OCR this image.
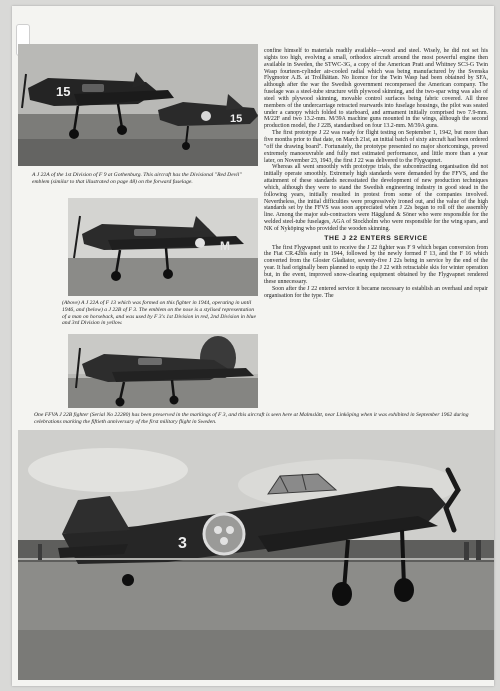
15
15

A J 22A of the 1st Division of F 9 at Gothenburg. This aircraft has the Divisional "Red Devil" emblem (similar to that illustrated on page 48) on the forward fuselage.

M

(Above) A J 22A of F 13 which was formed on this fighter in 1944, operating in until 1946, and (below) a J 22B of F 3. The emblem on the nose is a stylised representation of a man on horseback, and was used by F 3's 1st Division in red, 2nd Division in blue and 3rd Division in yellow.

One FFVA J 22B fighter (Serial No 22280) has been preserved in the markings of F 3, and this aircraft is seen here at Malmslätt, near Linköping when it was exhibited in September 1962 during celebrations marking the fiftieth anniversary of the first military flight in Sweden.

3

confine himself to materials readily available—wood and steel. Wisely, he did not set his sights too high, evolving a small, orthodox aircraft around the most powerful engine then available in Sweden, the STWC-3G, a copy of the American Pratt and Whitney SC3-G Twin Wasp fourteen-cylinder air-cooled radial which was being manufactured by the Svenska Flygmotor A.B. at Trollhättan. No licence for the Twin Wasp had been obtained by SFA, although after the war the Swedish government recompensed the American company. The fuselage was a steel-tube structure with plywood skinning, and the two-spar wing was also of steel with plywood skinning, movable control surfaces being fabric covered. All three members of the undercarriage retracted rearwards into fuselage housings, the pilot was seated under a canopy which folded to starboard, and armament initially comprised two 7.9-mm. M/22F and two 13.2-mm. M/39A machine guns mounted in the wings, although the second production model, the J 22B, standardised on four 13.2-mm. M/39A guns.

The first prototype J 22 was ready for flight testing on September 1, 1942, but more than five months prior to that date, on March 21st, an initial batch of sixty aircraft had been ordered "off the drawing board". Fortunately, the prototype presented no major shortcomings, proved extremely manoeuvrable and fully met estimated performance, and little more than a year later, on November 23, 1943, the first J 22 was delivered to the Flygvapnet.

Whereas all went smoothly with prototype trials, the subcontracting organisation did not initially operate smoothly. Extremely high standards were demanded by the FFVS, and the attainment of these standards necessitated the development of new production techniques which, although they were to stand the Swedish engineering industry in good stead in the following years, initially resulted in protest from some of the companies involved. Nevertheless, the initial difficulties were progressively ironed out, and the value of the high standards set by the FFVS was soon appreciated when J 22s began to roll off the assembly line. Among the major sub-contractors were Hägglund & Söner who were responsible for the welded steel-tube fuselages, AGA of Stockholm who were responsible for the wing spars, and NK of Nyköping who provided the wooden skinning.

THE J 22 ENTERS SERVICE

The first Flygvapnet unit to receive the J 22 fighter was F 9 which began conversion from the Fiat CR.42bis early in 1944, followed by the newly formed F 13, and the F 16 which converted from the Gloster Gladiator, seventy-five J 22s being in service by the end of the year. It had originally been planned to equip the J 22 with retractable skis for winter operation but, in the event, improved snow-clearing equipment obtained by the Flygvapnet rendered these unnecessary.

Soon after the J 22 entered service it became necessary to establish an overhaul and repair organisation for the type. The
